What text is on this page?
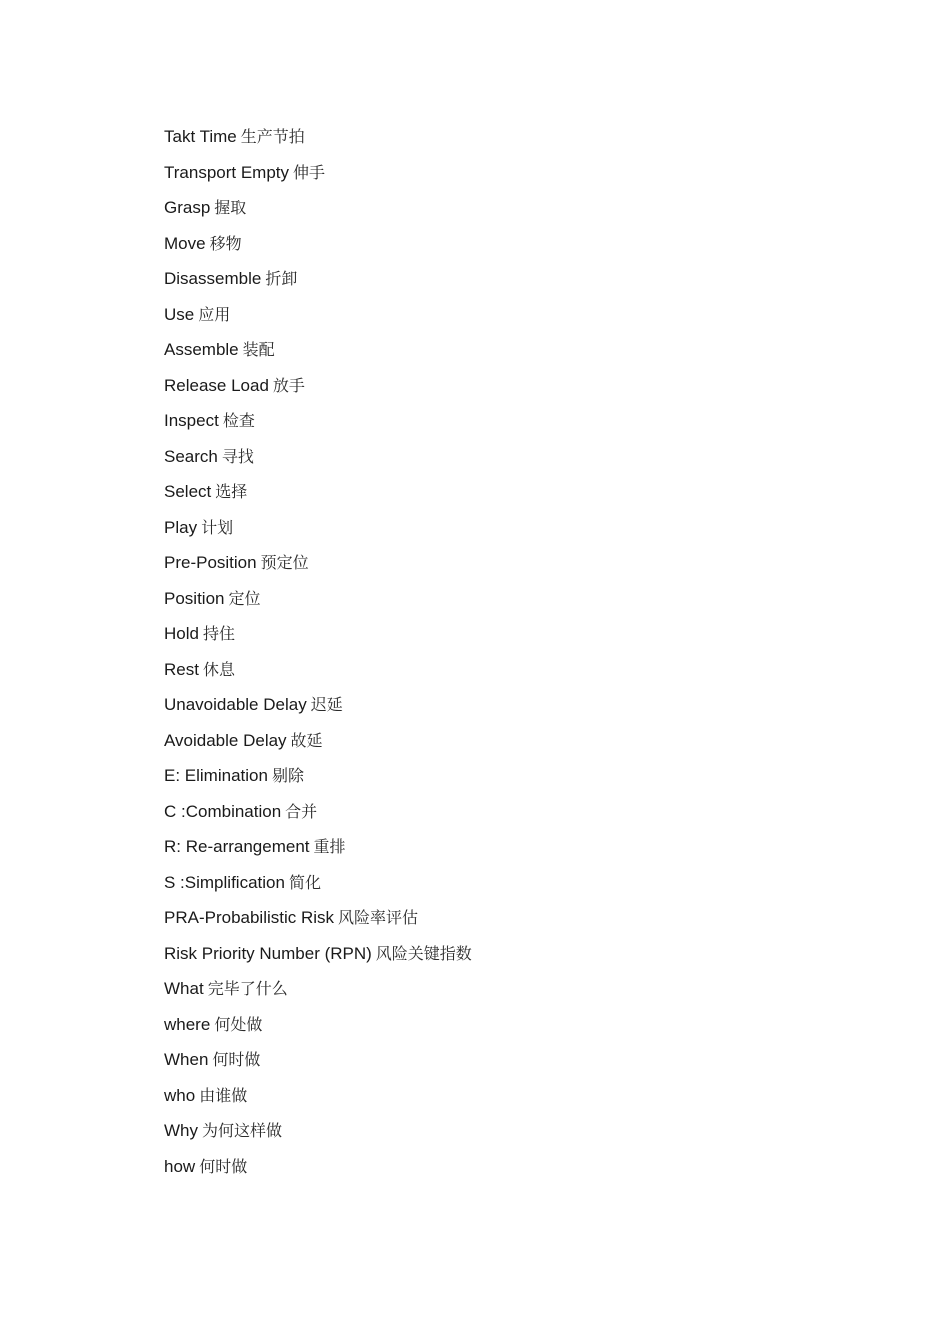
Takt Time 生产节拍
Transport Empty 伸手
Grasp 握取
Move 移物
Disassemble 折卸
Use 应用
Assemble 装配
Release Load 放手
Inspect 检查
Search 寻找
Select 选择
Play 计划
Pre-Position 预定位
Position 定位
Hold 持住
Rest 休息
Unavoidable Delay 迟延
Avoidable Delay 故延
E: Elimination 剔除
C :Combination 合并
R: Re-arrangement 重排
S :Simplification 简化
PRA-Probabilistic Risk 风险率评估
Risk Priority Number (RPN) 风险关键指数
What 完毕了什么
where 何处做
When 何时做
who 由谁做
Why 为何这样做
how 何时做
